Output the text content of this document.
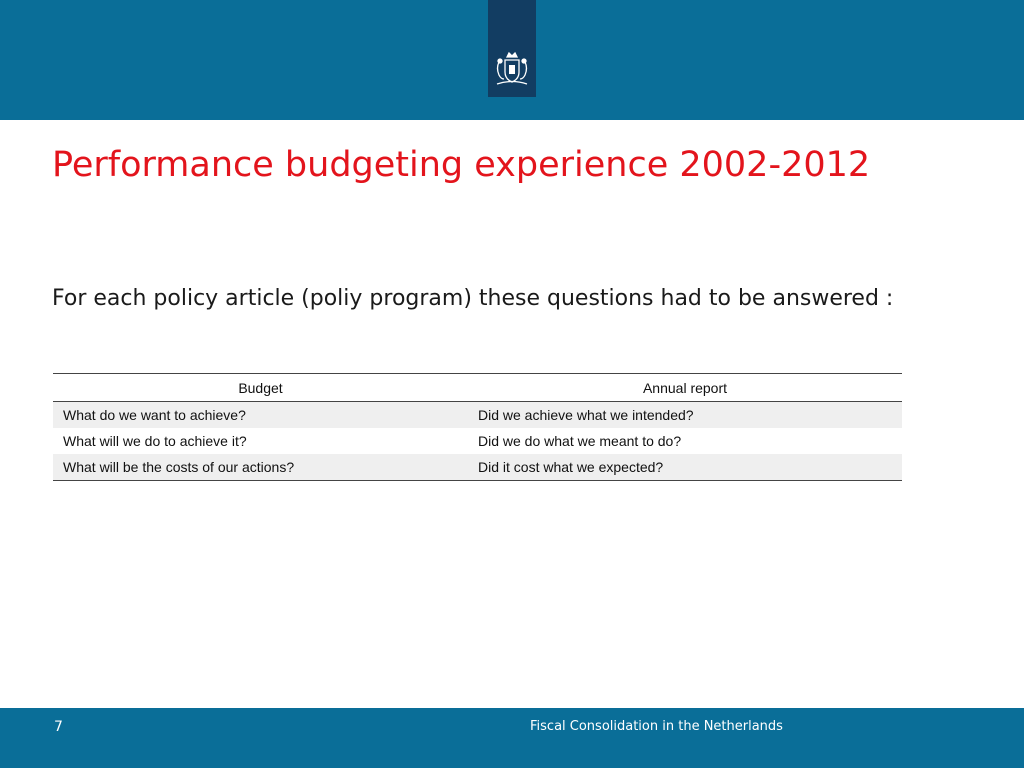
Performance budgeting experience 2002-2012

For each policy article (poliy program) these questions had to be answered :

Budget	Annual report
What do we want to achieve?	Did we achieve what we intended?
What will we do to achieve it?	Did we do what we meant to do?
What will be the costs of our actions?	Did it cost what we expected?
7	Fiscal Consolidation in the Netherlands
